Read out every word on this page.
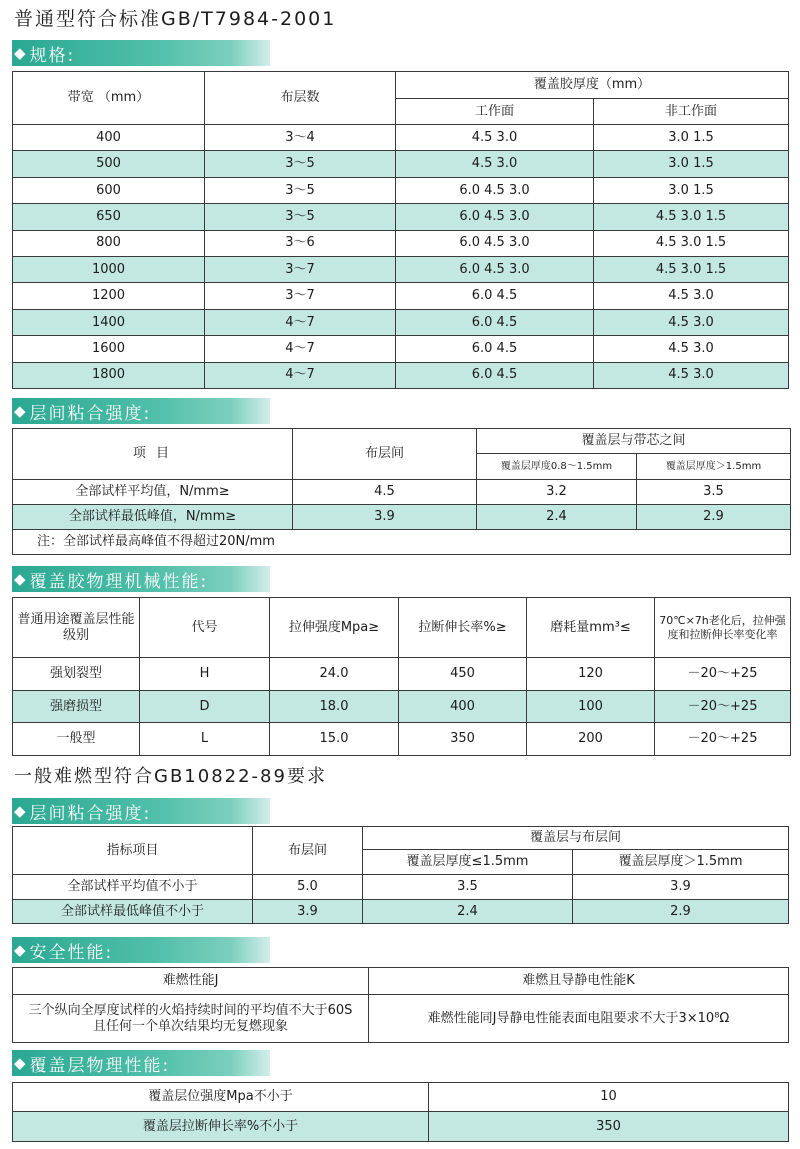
普通型符合标准GB/T7984-2001
◆ 规格:
带宽 （mm）	布层数	覆盖胶厚度（mm）	
		工作面	非工作面
400	3～4	4.5 3.0	3.0 1.5
500	3～5	4.5 3.0	3.0 1.5
600	3～5	6.0 4.5 3.0	3.0 1.5
650	3～5	6.0 4.5 3.0	4.5 3.0 1.5
800	3～6	6.0 4.5 3.0	4.5 3.0 1.5
1000	3～7	6.0 4.5 3.0	4.5 3.0 1.5
1200	3～7	6.0 4.5	4.5 3.0
1400	4～7	6.0 4.5	4.5 3.0
1600	4～7	6.0 4.5	4.5 3.0
1800	4～7	6.0 4.5	4.5 3.0
◆ 层间粘合强度:
项 目	布层间	覆盖层与带芯之间	
		覆盖层厚度0.8～1.5mm	覆盖层厚度＞1.5mm
全部试样平均值，N/mm≥	4.5	3.2	3.5
全部试样最低峰值，N/mm≥	3.9	2.4	2.9
注：全部试样最高峰值不得超过20N/mm			
◆ 覆盖胶物理机械性能:
普通用途覆盖层性能级别	代号	拉伸强度Mpa≥	拉断伸长率%≥	磨耗量mm³≤	70℃×7h老化后，拉伸强度和拉断伸长率变化率
强划裂型	H	24.0	450	120	－20～+25
强磨损型	D	18.0	400	100	－20～+25
一般型	L	15.0	350	200	－20～+25
一般难燃型符合GB10822-89要求
◆ 层间粘合强度:
指标项目	布层间	覆盖层与布层间	
		覆盖层厚度≤1.5mm	覆盖层厚度＞1.5mm
全部试样平均值不小于	5.0	3.5	3.9
全部试样最低峰值不小于	3.9	2.4	2.9
◆ 安全性能:
难燃性能J	难燃且导静电性能K
三个纵向全厚度试样的火焰持续时间的平均值不大于60S且任何一个单次结果均无复燃现象	难燃性能同J导静电性能表面电阻要求不大于3×10⁸Ω
◆ 覆盖层物理性能:
覆盖层位强度Mpa不小于	10
覆盖层拉断伸长率%不小于	350
